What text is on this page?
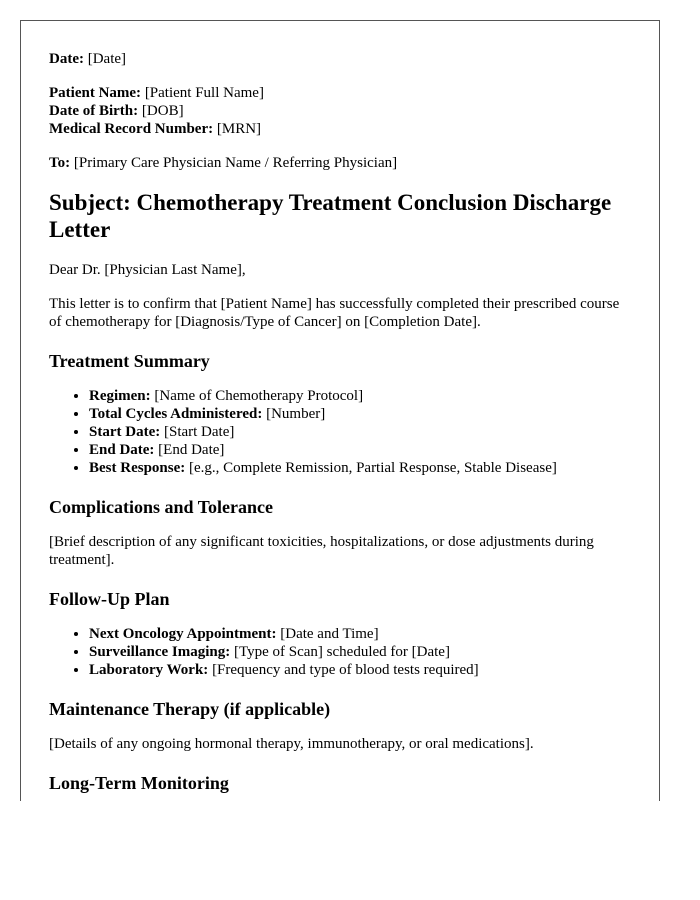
Date: [Date]

Patient Name: [Patient Full Name]

Date of Birth: [DOB]

Medical Record Number: [MRN]

To: [Primary Care Physician Name / Referring Physician]

Subject: Chemotherapy Treatment Conclusion Discharge Letter

Dear Dr. [Physician Last Name],

This letter is to confirm that [Patient Name] has successfully completed their prescribed course of chemotherapy for [Diagnosis/Type of Cancer] on [Completion Date].

Treatment Summary
• Regimen: [Name of Chemotherapy Protocol]
• Total Cycles Administered: [Number]
• Start Date: [Start Date]
• End Date: [End Date]
• Best Response: [e.g., Complete Remission, Partial Response, Stable Disease]
Complications and Tolerance

[Brief description of any significant toxicities, hospitalizations, or dose adjustments during treatment].

Follow-Up Plan
• Next Oncology Appointment: [Date and Time]
• Surveillance Imaging: [Type of Scan] scheduled for [Date]
• Laboratory Work: [Frequency and type of blood tests required]
Maintenance Therapy (if applicable)

[Details of any ongoing hormonal therapy, immunotherapy, or oral medications].

Long-Term Monitoring
